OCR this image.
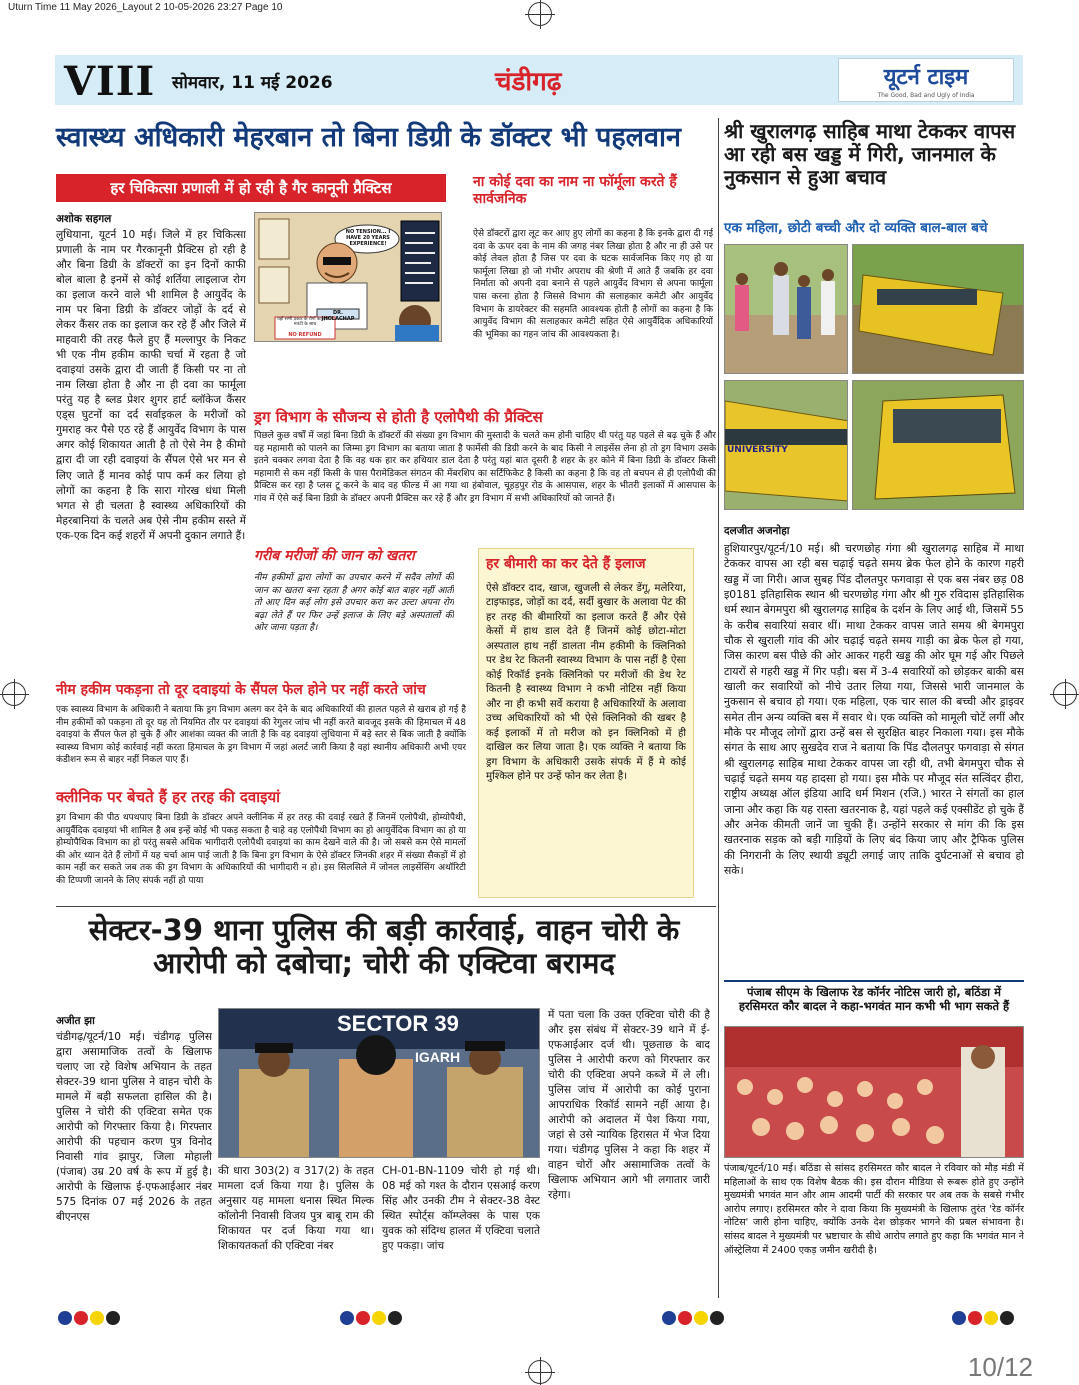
Uturn Time 11 May 2026_Layout 2 10-05-2026 23:27 Page 10
VIII सोमवार, 11 मई 2026	चंडीगढ़	यूटर्न टाइम
The Good, Bad and Ugly of India
स्वास्थ्य अधिकारी मेहरबान तो बिना डिग्री के डॉक्टर भी पहलवान
हर चिकित्सा प्रणाली में हो रही है गैर कानूनी प्रैक्टिस
अशोक सहगल
लुधियाना, यूटर्न 10 मई। जिले में हर चिकित्सा प्रणाली के नाम पर गैरकानूनी प्रैक्टिस हो रही है और बिना डिग्री के डॉक्टरों का इन दिनों काफी बोल बाला है इनमें से कोई शर्तिया लाइलाज रोग का इलाज करने वाले भी शामिल है आयुर्वेद के नाम पर बिना डिग्री के डॉक्टर जोड़ों के दर्द से लेकर कैंसर तक का इलाज कर रहे हैं और जिले में माहवारी की तरह फैले हुए हैं मल्लापुर के निकट भी एक नीम हकीम काफी चर्चा में रहता है जो दवाइयां उसके द्वारा दी जाती हैं किसी पर ना तो नाम लिखा होता है और ना ही दवा का फार्मूला परंतु यह है ब्लड प्रेशर शुगर हार्ट ब्लॉकेज कैंसर एड्स घुटनों का दर्द सर्वाइकल के मरीजों को गुमराह कर पैसे एठ रहे हैं आयुर्वेद विभाग के पास अगर कोई शिकायत आती है तो ऐसे नेम है कीमो द्वारा दी जा रही दवाइयां के सैंपल ऐसे भर मन से लिए जाते हैं मानव कोई पाप कर्म कर लिया हो लोगों का कहना है कि सारा गोरख धंधा मिली भगत से ही चलता है स्वास्थ्य अधिकारियों की मेहरबानियां के चलते अब ऐसे नीम हकीम सस्ते में एक-एक दिन कई शहरों में अपनी दुकान लगाते हैं।
NO TENSION... I HAVE 20 YEARS EXPERIENCE!
DR. JHOLACHAP
यहाँ सभी प्रकार के रोगों का इलाज गारंटी के साथ
NO REFUND
ना कोई दवा का नाम ना फॉर्मूला करते हैं सार्वजनिक
ऐसे डॉक्टरों द्वारा लूट कर आए हुए लोगों का कहना है कि इनके द्वारा दी गई दवा के ऊपर दवा के नाम की जगह नंबर लिखा होता है और ना ही उसे पर कोई लेवल होता है जिस पर दवा के घटक सार्वजनिक किए गए हो या फार्मूला लिखा हो जो गंभीर अपराध की श्रेणी में आते हैं जबकि हर दवा निर्माता को अपनी दवा बनाने से पहले आयुर्वेद विभाग से अपना फार्मूला पास करना होता है जिससे विभाग की सलाहकार कमेटी और आयुर्वेद विभाग के डायरेक्टर की सहमति आवश्यक होती है लोगों का कहना है कि आयुर्वेद विभाग की सलाहकार कमेटी सहित ऐसे आयुर्वैदिक अधिकारियों की भूमिका का गहन जांच की आवश्यकता है।
ड्रग विभाग के सौजन्य से होती है एलोपैथी की प्रैक्टिस
पिछले कुछ वर्षों में जहां बिना डिग्री के डॉक्टरों की संख्या ड्रग विभाग की मुस्तादी के चलते कम होनी चाहिए थी परंतु यह पहले से बढ़ चुके हैं और यह महामारी को पालने का जिम्मा ड्रग विभाग का बताया जाता है फार्मेसी की डिग्री करने के बाद किसी ने लाइसेंस लेना हो तो ड्रग विभाग उसके इतने चक्कर लगवा देता है कि वह थक हार कर हथियार डाल देता है परंतु यहां बात दूसरी है शहर के हर कोने में बिना डिग्री के डॉक्टर किसी महामारी से कम नहीं किसी के पास पैरामेडिकल संगठन की मेंबरशिप का सर्टिफिकेट है किसी का कहना है कि वह तो बचपन से ही एलोपैथी की प्रैक्टिस कर रहा है प्लस टू करने के बाद वह फील्ड में आ गया था हंबोवाल, चूहड़पुर रोड के आसपास, शहर के भीतरी इलाकों में आसपास के गांव में ऐसे कई बिना डिग्री के डॉक्टर अपनी प्रैक्टिस कर रहे हैं और ड्रग विभाग में सभी अधिकारियों को जानते हैं।
गरीब मरीजों की जान को खतरा
नीम हकीमों द्वारा लोगों का उपचार करने में सदैव लोगों की जान का खतरा बना रहता है अगर कोई बात बाहर नहीं आती तो आए दिन कई लोग इसे उपचार करा कर उल्टा अपना रोग बढ़ा लेते हैं पर फिर उन्हें इलाज के लिए बड़े अस्पतालों की ओर जाना पड़ता है।
हर बीमारी का कर देते हैं इलाज
ऐसे डॉक्टर दाद, खाज, खुजली से लेकर डेंगू, मलेरिया, टाइफाइड, जोड़ों का दर्द, सर्दी बुखार के अलावा पेट की हर तरह की बीमारियों का इलाज करते हैं और ऐसे केसों में हाथ डाल देते हैं जिनमें कोई छोटा-मोटा अस्पताल हाथ नहीं डालता नीम हकीमी के क्लिनिको पर डेथ रेट कितनी स्वास्थ्य विभाग के पास नहीं है ऐसा कोई रिकॉर्ड इनके क्लिनिको पर मरीजों की डेथ रेट कितनी है स्वास्थ्य विभाग ने कभी नोटिस नहीं किया और ना ही कभी सर्वे कराया है अधिकारियों के अलावा उच्च अधिकारियों को भी ऐसे क्लिनिको की खबर है कई इलाकों में तो मरीज को इन क्लिनिको में ही दाखिल कर लिया जाता है। एक व्यक्ति ने बताया कि ड्रग विभाग के अधिकारी उसके संपर्क में हैं मे कोई मुश्किल होने पर उन्हें फोन कर लेता है।
नीम हकीम पकड़ना तो दूर दवाइयां के सैंपल फेल होने पर नहीं करते जांच
एक स्वास्थ्य विभाग के अधिकारी ने बताया कि ड्रग विभाग अलग कर देने के बाद अधिकारियों की हालत पहले से खराब हो गई है नीम हकीमों को पकड़ना तो दूर यह तो नियमित तौर पर दवाइयां की रेगुलर जांच भी नहीं करते बावजूद इसके की हिमाचल में 48 दवाइयां के सैंपल फेल हो चुके हैं और आशंका व्यक्त की जाती है कि वह दवाइयां लुधियाना में बड़े स्तर से बिक जाती है क्योंकि स्वास्थ्य विभाग कोई कार्रवाई नहीं करता हिमाचल के ड्रग विभाग में जहां अलर्ट जारी किया है वहां स्थानीय अधिकारी अभी एयर कंडीशन रूम से बाहर नहीं निकल पाए हैं।
क्लीनिक पर बेचते हैं हर तरह की दवाइयां
ड्रग विभाग की पीठ थपथपाए बिना डिग्री के डॉक्टर अपने क्लीनिक में हर तरह की दवाई रखते हैं जिनमें एलोपैथी, होम्योपैथी, आयुर्वैदिक दवाइयां भी शामिल है अब इन्हें कोई भी पकड़ सकता है चाहे वह एलोपैथी विभाग का हो आयुर्वेदिक विभाग का हो या होम्योपैथिक विभाग का हो परंतु सबसे अधिक भागीदारी एलोपैथी दवाइयां का काम देखने वाले की है। जो सबसे कम ऐसे मामलों की ओर ध्यान देते हैं लोगों में यह चर्चा आम पाई जाती है कि बिना ड्रग विभाग के ऐसे डॉक्टर जिनकी शहर में संख्या सैकड़ों में हो काम नहीं कर सकते जब तक की ड्रग विभाग के अधिकारियों की भागीदारी न हो। इस सिलसिले में जोनल लाइसेंसिंग अथॉरिटी की टिप्पणी जानने के लिए संपर्क नहीं हो पाया
श्री खुरालगढ़ साहिब माथा टेककर वापस आ रही बस खड्ड में गिरी, जानमाल के नुकसान से हुआ बचाव
एक महिला, छोटी बच्ची और दो व्यक्ति बाल-बाल बचे
UNIVERSITY
दलजीत अजनोहा
हुशियारपुर/यूटर्न/10 मई। श्री चरणछोह गंगा श्री खुरालगढ़ साहिब में माथा टेककर वापस आ रही बस चढ़ाई चढ़ते समय ब्रेक फेल होने के कारण गहरी खड्ड में जा गिरी। आज सुबह पिंड दौलतपुर फगवाड़ा से एक बस नंबर छड़ 08 इ0181 इतिहासिक स्थान श्री चरणछोह गंगा और श्री गुरु रविदास इतिहासिक धर्म स्थान बेगमपुरा श्री खुरालगढ़ साहिब के दर्शन के लिए आई थी, जिसमें 55 के करीब सवारियां सवार थीं। माथा टेककर वापस जाते समय श्री बेगमपुरा चौक से खुराली गांव की ओर चढ़ाई चढ़ते समय गाड़ी का ब्रेक फेल हो गया, जिस कारण बस पीछे की ओर आकर गहरी खड्ड की ओर घूम गई और पिछले टायरों से गहरी खड्ड में गिर पड़ी। बस में 3-4 सवारियों को छोड़कर बाकी बस खाली कर सवारियों को नीचे उतार लिया गया, जिससे भारी जानमाल के नुकसान से बचाव हो गया। एक महिला, एक चार साल की बच्ची और ड्राइवर समेत तीन अन्य व्यक्ति बस में सवार थे। एक व्यक्ति को मामूली चोटें लगीं और मौके पर मौजूद लोगों द्वारा उन्हें बस से सुरक्षित बाहर निकाला गया। इस मौके संगत के साथ आए सुखदेव राज ने बताया कि पिंड दौलतपुर फगवाड़ा से संगत श्री खुरालगढ़ साहिब माथा टेककर वापस जा रही थी, तभी बेगमपुरा चौक से चढ़ाई चढ़ते समय यह हादसा हो गया। इस मौके पर मौजूद संत सत्विंदर हीरा, राष्ट्रीय अध्यक्ष ऑल इंडिया आदि धर्म मिशन (रजि.) भारत ने संगतों का हाल जाना और कहा कि यह रास्ता खतरनाक है, यहां पहले कई एक्सीडेंट हो चुके हैं और अनेक कीमती जानें जा चुकी हैं। उन्होंने सरकार से मांग की कि इस खतरनाक सड़क को बड़ी गाड़ियों के लिए बंद किया जाए और ट्रैफिक पुलिस की निगरानी के लिए स्थायी ड्यूटी लगाई जाए ताकि दुर्घटनाओं से बचाव हो सके।
पंजाब सीएम के खिलाफ रेड कॉर्नर नोटिस जारी हो, बठिंडा में हरसिमरत कौर बादल ने कहा-भगवंत मान कभी भी भाग सकते हैं
पंजाब/यूटर्न/10 मई। बठिंडा से सांसद हरसिमरत कौर बादल ने रविवार को मौड़ मंडी में महिलाओं के साथ एक विशेष बैठक की। इस दौरान मीडिया से रूबरू होते हुए उन्होंने मुख्यमंत्री भगवंत मान और आम आदमी पार्टी की सरकार पर अब तक के सबसे गंभीर आरोप लगाए। हरसिमरत कौर ने दावा किया कि मुख्यमंत्री के खिलाफ तुरंत 'रेड कॉर्नर नोटिस' जारी होना चाहिए, क्योंकि उनके देश छोड़कर भागने की प्रबल संभावना है। सांसद बादल ने मुख्यमंत्री पर भ्रष्टाचार के सीधे आरोप लगाते हुए कहा कि भगवंत मान ने ऑस्ट्रेलिया में 2400 एकड़ जमीन खरीदी है।
सेक्टर-39 थाना पुलिस की बड़ी कार्रवाई, वाहन चोरी के आरोपी को दबोचा; चोरी की एक्टिवा बरामद
अजीत झा
चंडीगढ़/यूटर्न/10 मई। चंडीगढ़ पुलिस द्वारा असामाजिक तत्वों के खिलाफ चलाए जा रहे विशेष अभियान के तहत सेक्टर-39 थाना पुलिस ने वाहन चोरी के मामले में बड़ी सफलता हासिल की है। पुलिस ने चोरी की एक्टिवा समेत एक आरोपी को गिरफ्तार किया है। गिरफ्तार आरोपी की पहचान करण पुत्र विनोद निवासी गांव झापुर, जिला मोहाली (पंजाब) उम्र 20 वर्ष के रूप में हुई है। आरोपी के खिलाफ ई-एफआईआर नंबर 575 दिनांक 07 मई 2026 के तहत बीएनएस
SECTOR 39
IGARH
की धारा 303(2) व 317(2) के तहत मामला दर्ज किया गया है। पुलिस के अनुसार यह मामला धनास स्थित मिल्क कॉलोनी निवासी विजय पुत्र बाबू राम की शिकायत पर दर्ज किया गया था। शिकायतकर्ता की एक्टिवा नंबर
CH-01-BN-1109 चोरी हो गई थी। 08 मई को गश्त के दौरान एसआई करण सिंह और उनकी टीम ने सेक्टर-38 वेस्ट स्थित स्पोर्ट्स कॉम्प्लेक्स के पास एक युवक को संदिग्ध हालत में एक्टिवा चलाते हुए पकड़ा। जांच
में पता चला कि उक्त एक्टिवा चोरी की है और इस संबंध में सेक्टर-39 थाने में ई-एफआईआर दर्ज थी। पूछताछ के बाद पुलिस ने आरोपी करण को गिरफ्तार कर चोरी की एक्टिवा अपने कब्जे में ले ली। पुलिस जांच में आरोपी का कोई पुराना आपराधिक रिकॉर्ड सामने नहीं आया है। आरोपी को अदालत में पेश किया गया, जहां से उसे न्यायिक हिरासत में भेज दिया गया। चंडीगढ़ पुलिस ने कहा कि शहर में वाहन चोरों और असामाजिक तत्वों के खिलाफ अभियान आगे भी लगातार जारी रहेगा।
10/12
